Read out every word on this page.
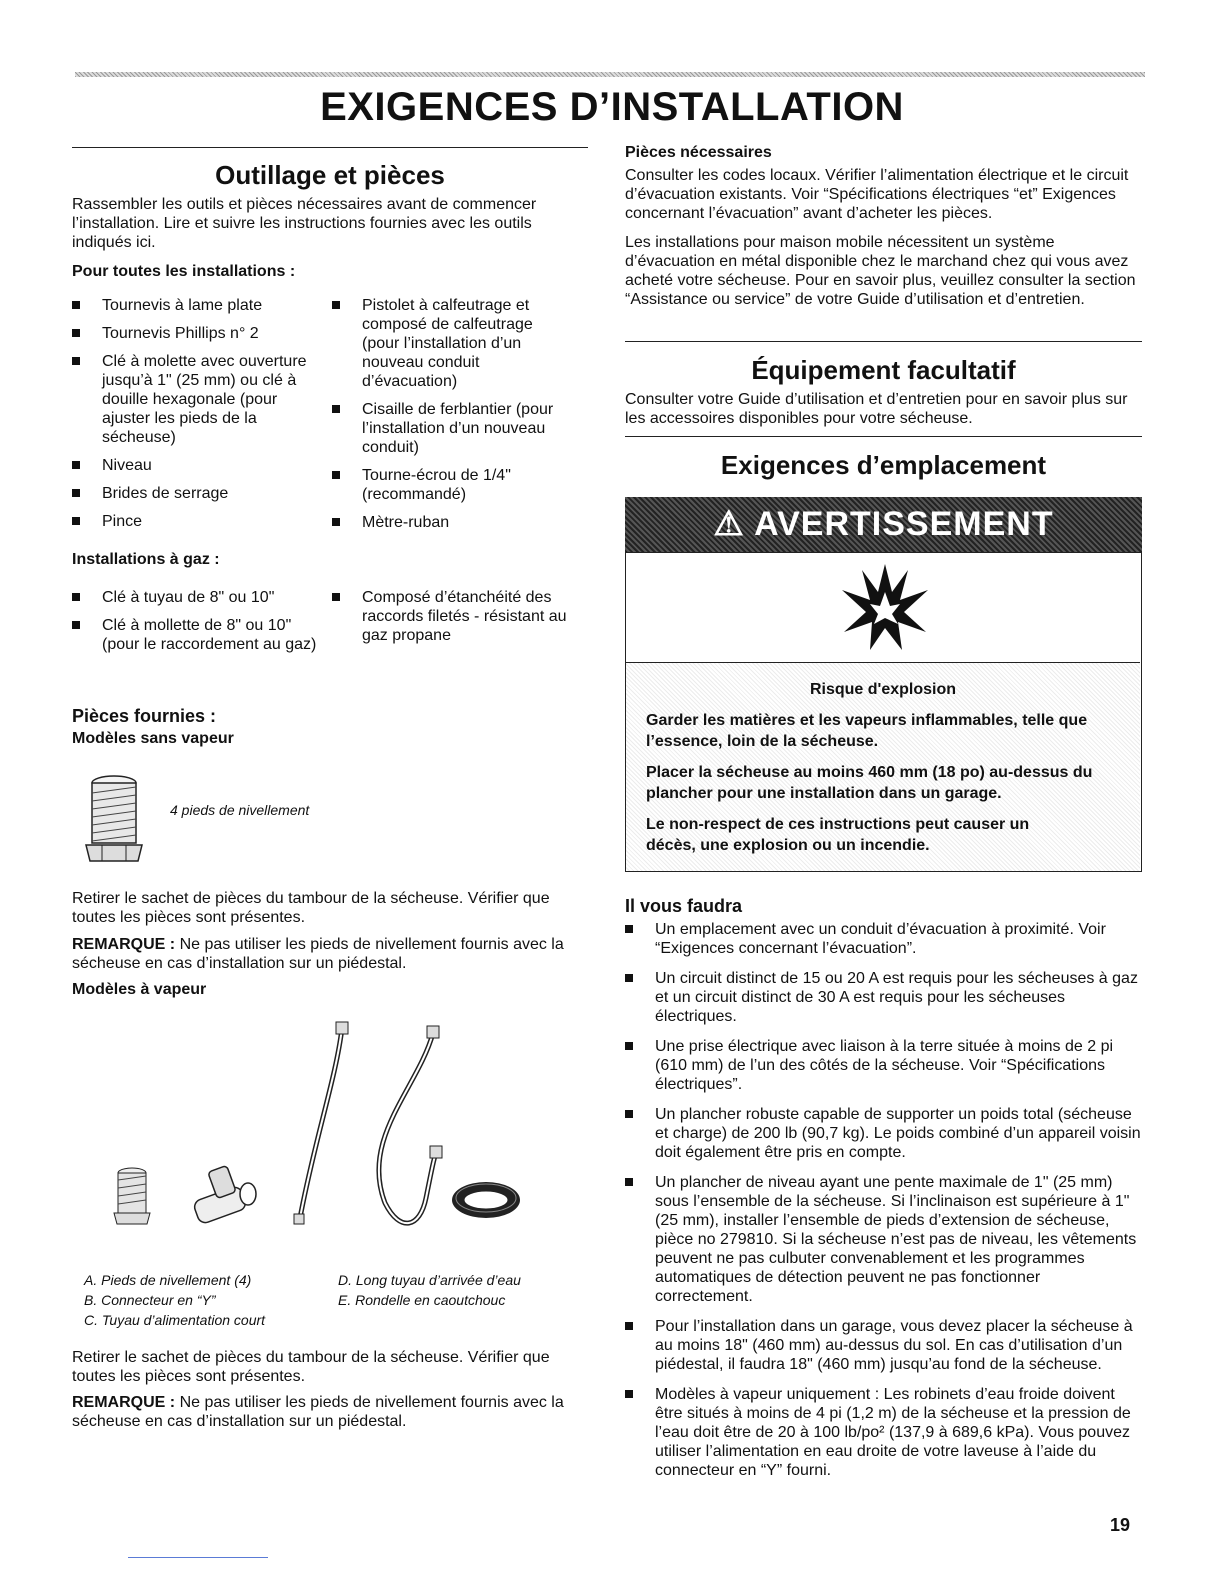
EXIGENCES D’INSTALLATION
Outillage et pièces

Rassembler les outils et pièces nécessaires avant de commencer l’installation. Lire et suivre les instructions fournies avec les outils indiqués ici.

Pour toutes les installations :
Tournevis à lame plate
Tournevis Phillips n° 2
Clé à molette avec ouverture jusqu’à 1" (25 mm) ou clé à douille hexagonale (pour ajuster les pieds de la sécheuse)
Niveau
Brides de serrage
Pince
Pistolet à calfeutrage et composé de calfeutrage (pour l’installation d’un nouveau conduit d’évacuation)
Cisaille de ferblantier (pour l’installation d’un nouveau conduit)
Tourne-écrou de 1/4" (recommandé)
Mètre-ruban
Installations à gaz :
Clé à tuyau de 8" ou 10"
Clé à mollette de 8" ou 10" (pour le raccordement au gaz)
Composé d’étanchéité des raccords filetés - résistant au gaz propane
Pièces fournies :
Modèles sans vapeur
4 pieds de nivellement

Retirer le sachet de pièces du tambour de la sécheuse. Vérifier que toutes les pièces sont présentes.

REMARQUE : Ne pas utiliser les pieds de nivellement fournis avec la sécheuse en cas d’installation sur un piédestal.

Modèles à vapeur
A. Pieds de nivellement (4)
B. Connecteur en “Y”
C. Tuyau d’alimentation court
D. Long tuyau d’arrivée d’eau
E. Rondelle en caoutchouc

Retirer le sachet de pièces du tambour de la sécheuse. Vérifier que toutes les pièces sont présentes.

REMARQUE : Ne pas utiliser les pieds de nivellement fournis avec la sécheuse en cas d’installation sur un piédestal.

Pièces nécessaires

Consulter les codes locaux. Vérifier l’alimentation électrique et le circuit d’évacuation existants. Voir “Spécifications électriques “et” Exigences concernant l’évacuation” avant d’acheter les pièces.

Les installations pour maison mobile nécessitent un système d’évacuation en métal disponible chez le marchand chez qui vous avez acheté votre sécheuse. Pour en savoir plus, veuillez consulter la section “Assistance ou service” de votre Guide d’utilisation et d’entretien.

Équipement facultatif

Consulter votre Guide d’utilisation et d’entretien pour en savoir plus sur les accessoires disponibles pour votre sécheuse.

Exigences d’emplacement
⚠ AVERTISSEMENT
Risque d'explosion
Garder les matières et les vapeurs inflammables, telle que l’essence, loin de la sécheuse.
Placer la sécheuse au moins 460 mm (18 po) au-dessus du plancher pour une installation dans un garage.
Le non-respect de ces instructions peut causer un décès, une explosion ou un incendie.
Il vous faudra
Un emplacement avec un conduit d’évacuation à proximité. Voir “Exigences concernant l’évacuation”.
Un circuit distinct de 15 ou 20 A est requis pour les sécheuses à gaz et un circuit distinct de 30 A est requis pour les sécheuses électriques.
Une prise électrique avec liaison à la terre située à moins de 2 pi (610 mm) de l’un des côtés de la sécheuse. Voir “Spécifications électriques”.
Un plancher robuste capable de supporter un poids total (sécheuse et charge) de 200 lb (90,7 kg). Le poids combiné d’un appareil voisin doit également être pris en compte.
Un plancher de niveau ayant une pente maximale de 1" (25 mm) sous l’ensemble de la sécheuse. Si l’inclinaison est supérieure à 1" (25 mm), installer l’ensemble de pieds d’extension de sécheuse, pièce no 279810. Si la sécheuse n’est pas de niveau, les vêtements peuvent ne pas culbuter convenablement et les programmes automatiques de détection peuvent ne pas fonctionner correctement.
Pour l’installation dans un garage, vous devez placer la sécheuse à au moins 18" (460 mm) au-dessus du sol. En cas d’utilisation d’un piédestal, il faudra 18" (460 mm) jusqu’au fond de la sécheuse.
Modèles à vapeur uniquement : Les robinets d’eau froide doivent être situés à moins de 4 pi (1,2 m) de la sécheuse et la pression de l’eau doit être de 20 à 100 lb/po² (137,9 à 689,6 kPa). Vous pouvez utiliser l’alimentation en eau droite de votre laveuse à l’aide du connecteur en “Y” fourni.
19
